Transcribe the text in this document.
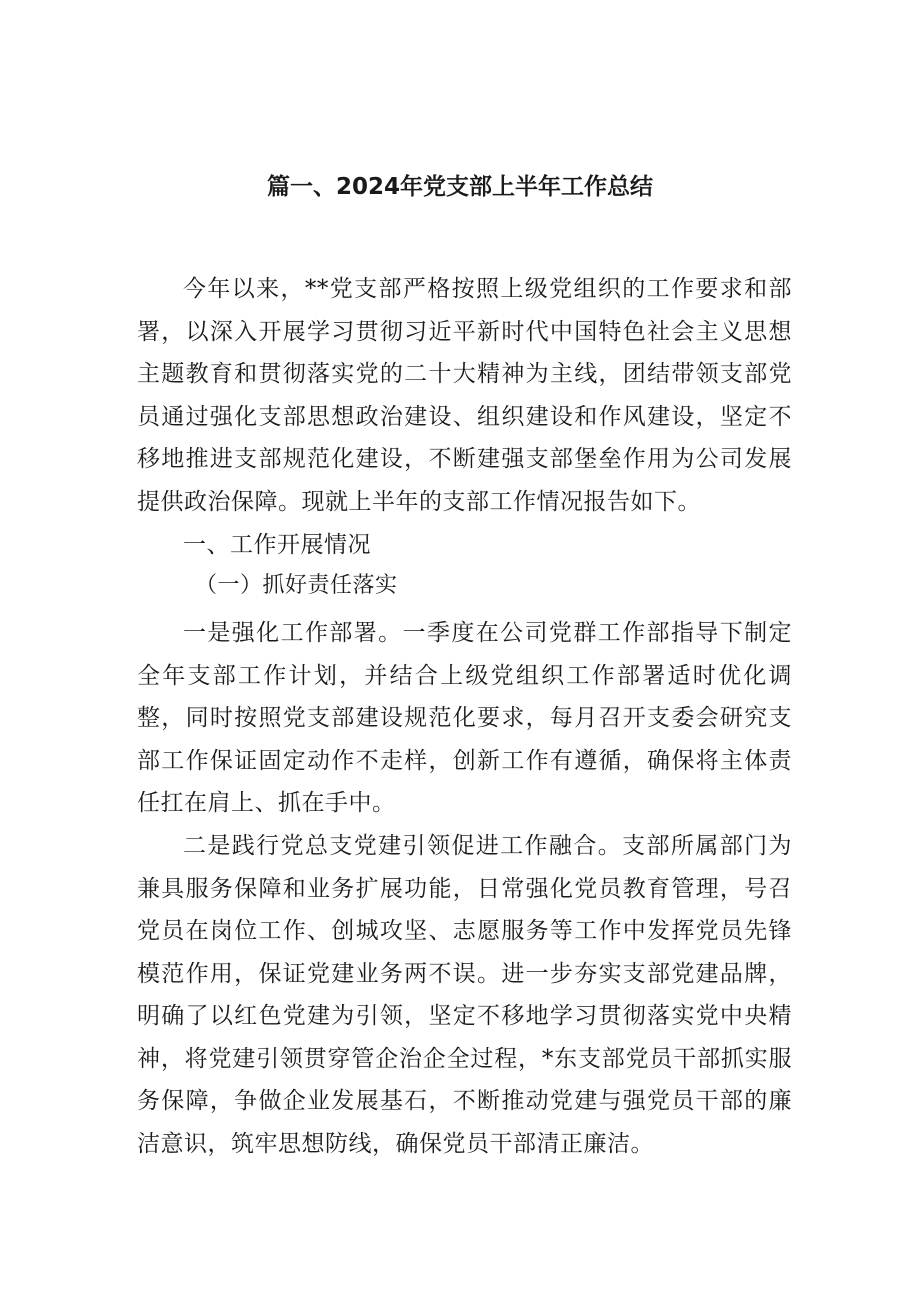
篇一、2024年党支部上半年工作总结

今年以来，**党支部严格按照上级党组织的工作要求和部署，以深入开展学习贯彻习近平新时代中国特色社会主义思想主题教育和贯彻落实党的二十大精神为主线，团结带领支部党员通过强化支部思想政治建设、组织建设和作风建设，坚定不移地推进支部规范化建设，不断建强支部堡垒作用为公司发展提供政治保障。现就上半年的支部工作情况报告如下。

一、工作开展情况
（一）抓好责任落实

一是强化工作部署。一季度在公司党群工作部指导下制定全年支部工作计划，并结合上级党组织工作部署适时优化调整，同时按照党支部建设规范化要求，每月召开支委会研究支部工作保证固定动作不走样，创新工作有遵循，确保将主体责任扛在肩上、抓在手中。

二是践行党总支党建引领促进工作融合。支部所属部门为兼具服务保障和业务扩展功能，日常强化党员教育管理，号召党员在岗位工作、创城攻坚、志愿服务等工作中发挥党员先锋模范作用，保证党建业务两不误。进一步夯实支部党建品牌，明确了以红色党建为引领，坚定不移地学习贯彻落实党中央精神，将党建引领贯穿管企治企全过程，*东支部党员干部抓实服务保障，争做企业发展基石，不断推动党建与强党员干部的廉洁意识，筑牢思想防线，确保党员干部清正廉洁。
